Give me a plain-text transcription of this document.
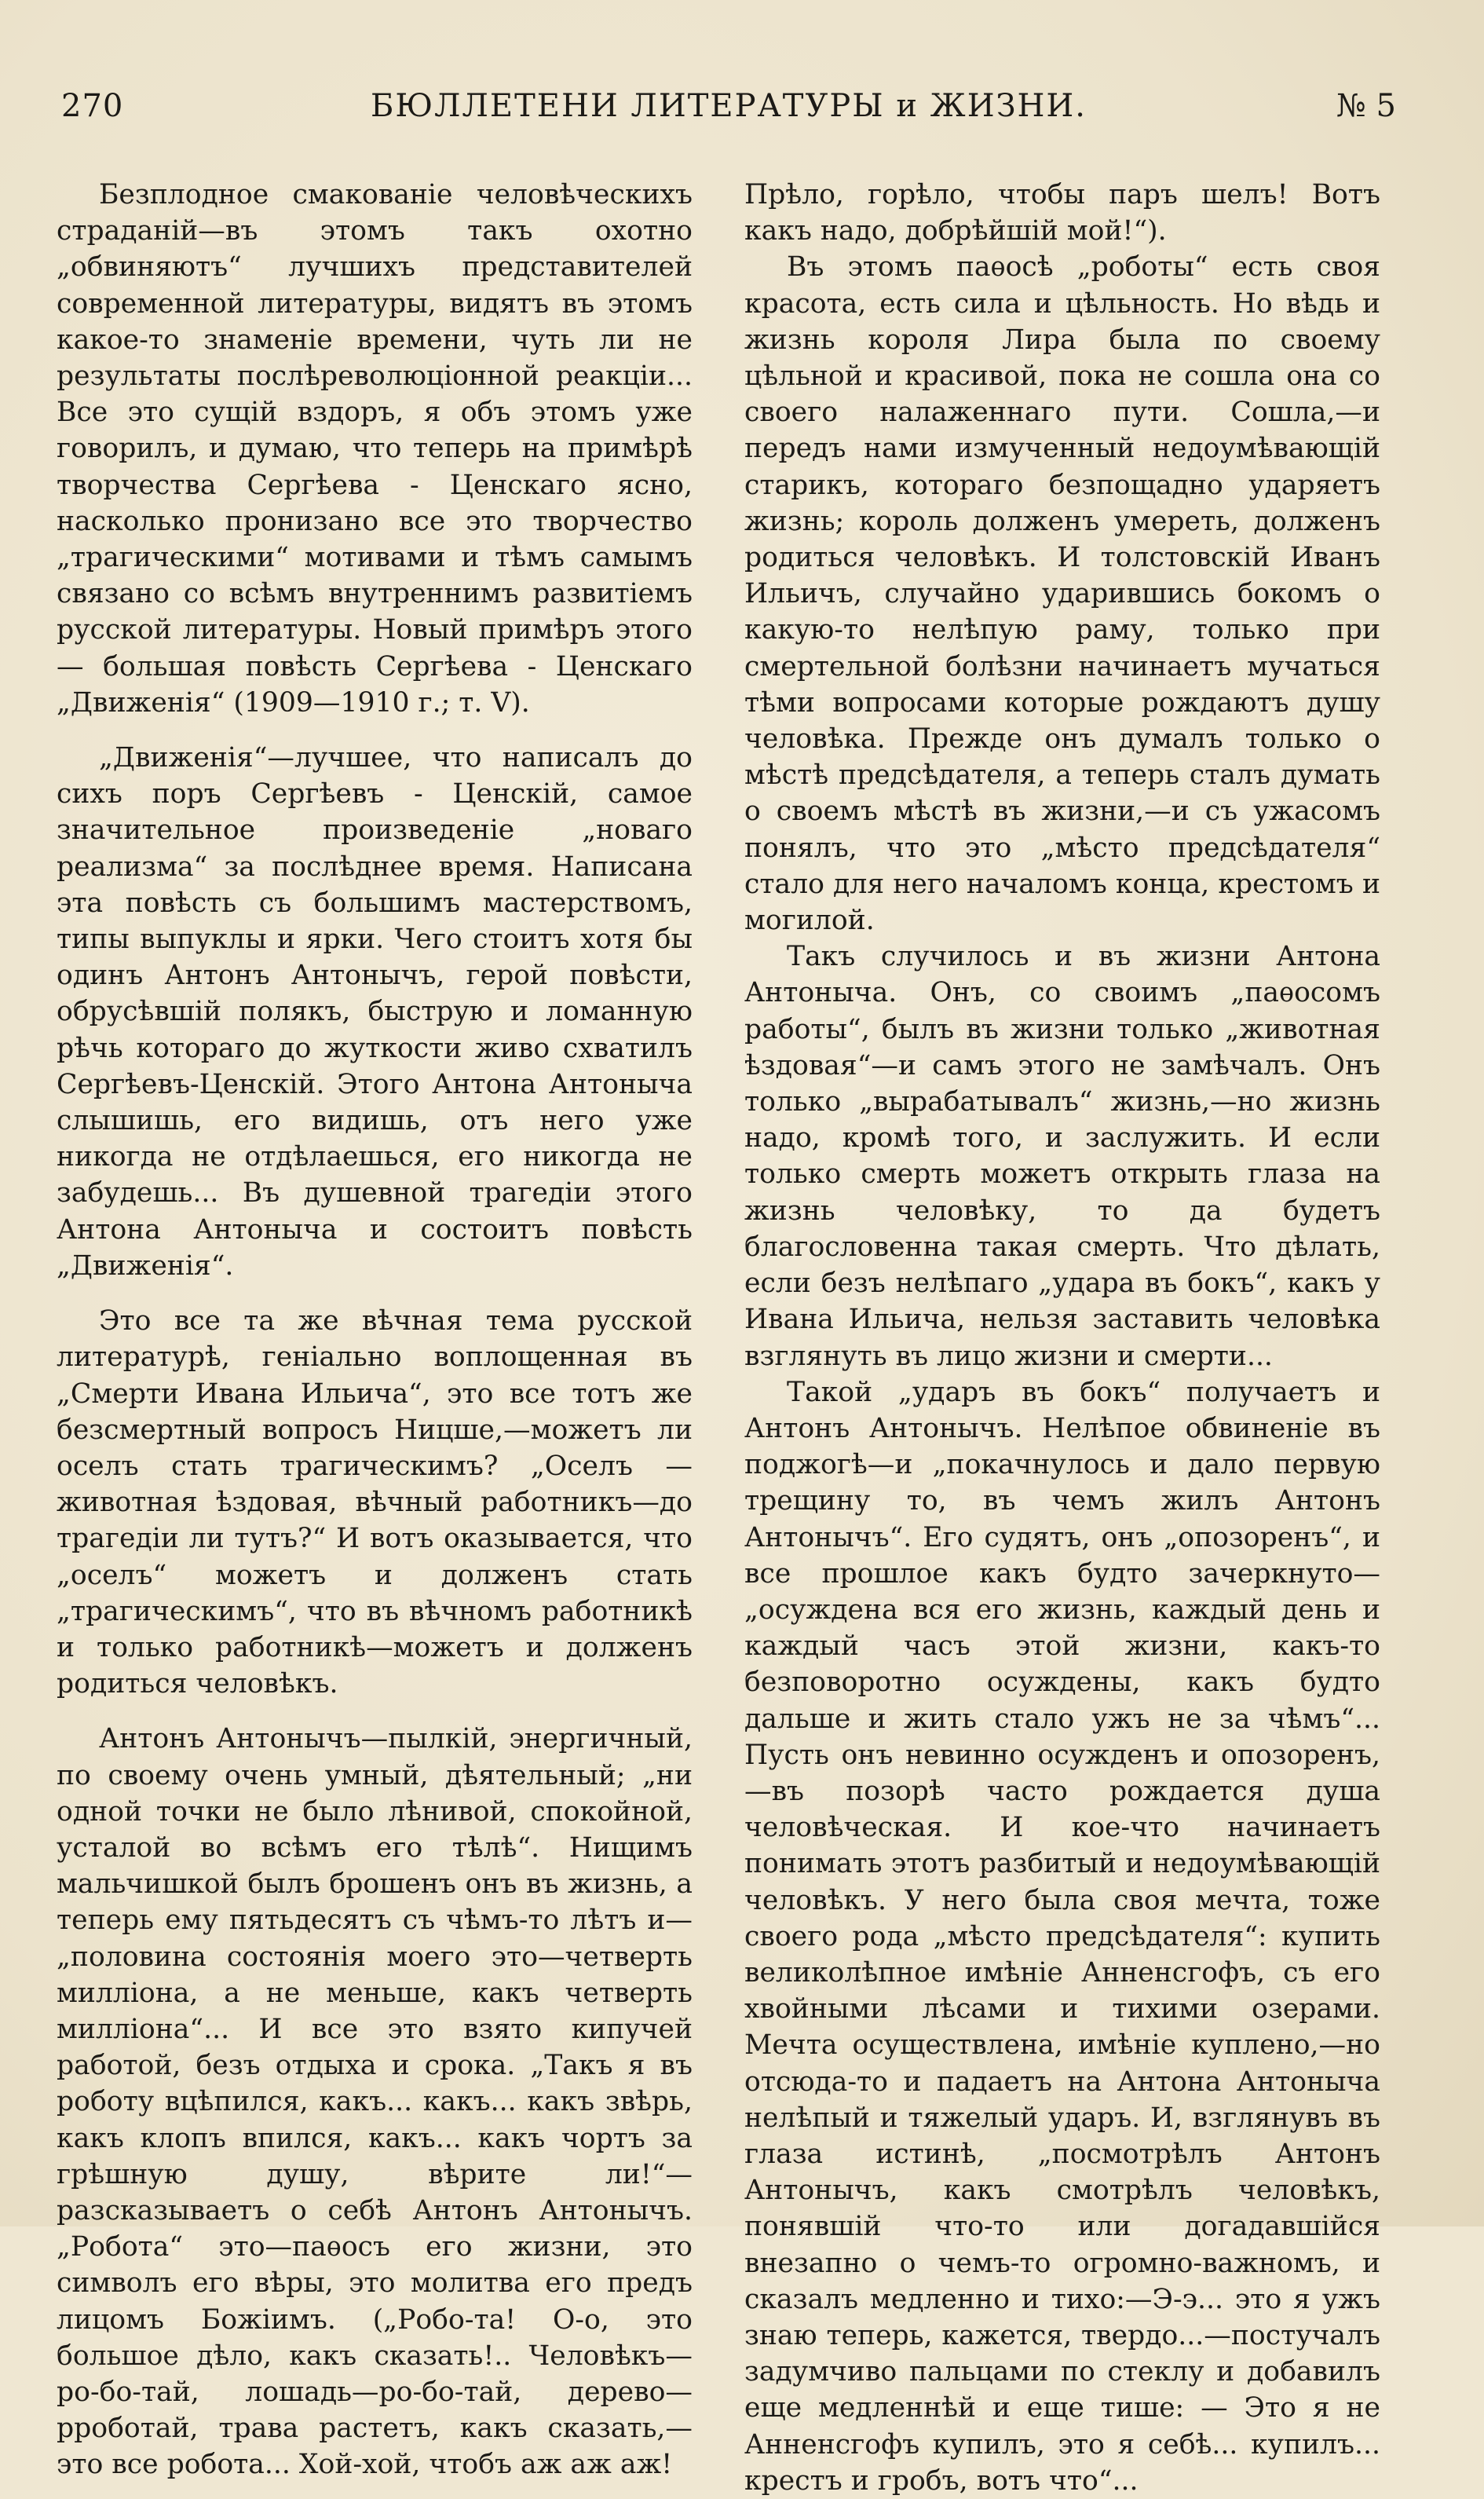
270	БЮЛЛЕТЕНИ ЛИТЕРАТУРЫ и ЖИЗНИ.	№ 5

Безплодное смакованіе человѣческихъ страданій—въ этомъ такъ охотно „обвиняютъ“ лучшихъ представителей современной литературы, видятъ въ этомъ какое-то знаменіе времени, чуть ли не результаты послѣреволюціонной реакціи... Все это сущій вздоръ, я объ этомъ уже говорилъ, и думаю, что теперь на примѣрѣ творчества Сергѣева - Ценскаго ясно, насколько пронизано все это творчество „трагическими“ мотивами и тѣмъ самымъ связано со всѣмъ внутреннимъ развитіемъ русской литературы. Новый примѣръ этого — большая повѣсть Сергѣева - Ценскаго „Движенія“ (1909—1910 г.; т. V).

„Движенія“—лучшее, что написалъ до сихъ поръ Сергѣевъ - Ценскій, самое значительное произведеніе „новаго реализма“ за послѣднее время. Написана эта повѣсть съ большимъ мастерствомъ, типы выпуклы и ярки. Чего стоитъ хотя бы одинъ Антонъ Антонычъ, герой повѣсти, обрусѣвшій полякъ, быструю и ломанную рѣчь котораго до жуткости живо схватилъ Сергѣевъ-Ценскій. Этого Антона Антоныча слышишь, его видишь, отъ него уже никогда не отдѣлаешься, его никогда не забудешь... Въ душевной трагедіи этого Антона Антоныча и состоитъ повѣсть „Движенія“.

Это все та же вѣчная тема русской литературѣ, геніально воплощенная въ „Смерти Ивана Ильича“, это все тотъ же безсмертный вопросъ Ницше,—можетъ ли оселъ стать трагическимъ? „Оселъ — животная ѣздовая, вѣчный работникъ—до трагедіи ли тутъ?“ И вотъ оказывается, что „оселъ“ можетъ и долженъ стать „трагическимъ“, что въ вѣчномъ работникѣ и только работникѣ—можетъ и долженъ родиться человѣкъ.

Антонъ Антонычъ—пылкій, энергичный, по своему очень умный, дѣятельный; „ни одной точки не было лѣнивой, спокойной, усталой во всѣмъ его тѣлѣ“. Нищимъ мальчишкой былъ брошенъ онъ въ жизнь, а теперь ему пятьдесятъ съ чѣмъ-то лѣтъ и—„половина состоянія моего это—четверть милліона, а не меньше, какъ четверть милліона“... И все это взято кипучей работой, безъ отдыха и срока. „Такъ я въ роботу вцѣпился, какъ... какъ... какъ звѣрь, какъ клопъ впился, какъ... какъ чортъ за грѣшную душу, вѣрите ли!“—разсказываетъ о себѣ Антонъ Антонычъ. „Робота“ это—паѳосъ его жизни, это символъ его вѣры, это молитва его предъ лицомъ Божіимъ. („Робо-та! О-о, это большое дѣло, какъ сказать!.. Человѣкъ—ро-бо-тай, лошадь—ро-бо-тай, дерево—рроботай, трава растетъ, какъ сказать,— это все робота... Хой-хой, чтобъ аж аж аж!

Прѣло, горѣло, чтобы паръ шелъ! Вотъ какъ надо, добрѣйшій мой!“).

Въ этомъ паѳосѣ „роботы“ есть своя красота, есть сила и цѣльность. Но вѣдь и жизнь короля Лира была по своему цѣльной и красивой, пока не сошла она со своего налаженнаго пути. Сошла,—и передъ нами измученный недоумѣвающій старикъ, котораго безпощадно ударяетъ жизнь; король долженъ умереть, долженъ родиться человѣкъ. И толстовскій Иванъ Ильичъ, случайно ударившись бокомъ о какую-то нелѣпую раму, только при смертельной болѣзни начинаетъ мучаться тѣми вопросами которые рождаютъ душу человѣка. Прежде онъ думалъ только о мѣстѣ предсѣдателя, а теперь сталъ думать о своемъ мѣстѣ въ жизни,—и съ ужасомъ понялъ, что это „мѣсто предсѣдателя“ стало для него началомъ конца, крестомъ и могилой.

Такъ случилось и въ жизни Антона Антоныча. Онъ, со своимъ „паѳосомъ работы“, былъ въ жизни только „животная ѣздовая“—и самъ этого не замѣчалъ. Онъ только „вырабатывалъ“ жизнь,—но жизнь надо, кромѣ того, и заслужить. И если только смерть можетъ открыть глаза на жизнь человѣку, то да будетъ благословенна такая смерть. Что дѣлать, если безъ нелѣпаго „удара въ бокъ“, какъ у Ивана Ильича, нельзя заставить человѣка взглянуть въ лицо жизни и смерти...

Такой „ударъ въ бокъ“ получаетъ и Антонъ Антонычъ. Нелѣпое обвиненіе въ поджогѣ—и „покачнулось и дало первую трещину то, въ чемъ жилъ Антонъ Антонычъ“. Его судятъ, онъ „опозоренъ“, и все прошлое какъ будто зачеркнуто—„осуждена вся его жизнь, каждый день и каждый часъ этой жизни, какъ-то безповоротно осуждены, какъ будто дальше и жить стало ужъ не за чѣмъ“... Пусть онъ невинно осужденъ и опозоренъ,—въ позорѣ часто рождается душа человѣческая. И кое-что начинаетъ понимать этотъ разбитый и недоумѣвающій человѣкъ. У него была своя мечта, тоже своего рода „мѣсто предсѣдателя“: купить великолѣпное имѣніе Анненсгофъ, съ его хвойными лѣсами и тихими озерами. Мечта осуществлена, имѣніе куплено,—но отсюда-то и падаетъ на Антона Антоныча нелѣпый и тяжелый ударъ. И, взглянувъ въ глаза истинѣ, „посмотрѣлъ Антонъ Антонычъ, какъ смотрѣлъ человѣкъ, понявшій что-то или догадавшійся внезапно о чемъ-то огромно-важномъ, и сказалъ медленно и тихо:—Э-э... это я ужъ знаю теперь, кажется, твердо...—постучалъ задумчиво пальцами по стеклу и добавилъ еще медленнѣй и еще тише: — Это я не Анненсгофъ купилъ, это я себѣ... купилъ... крестъ и гробъ, вотъ что“...
